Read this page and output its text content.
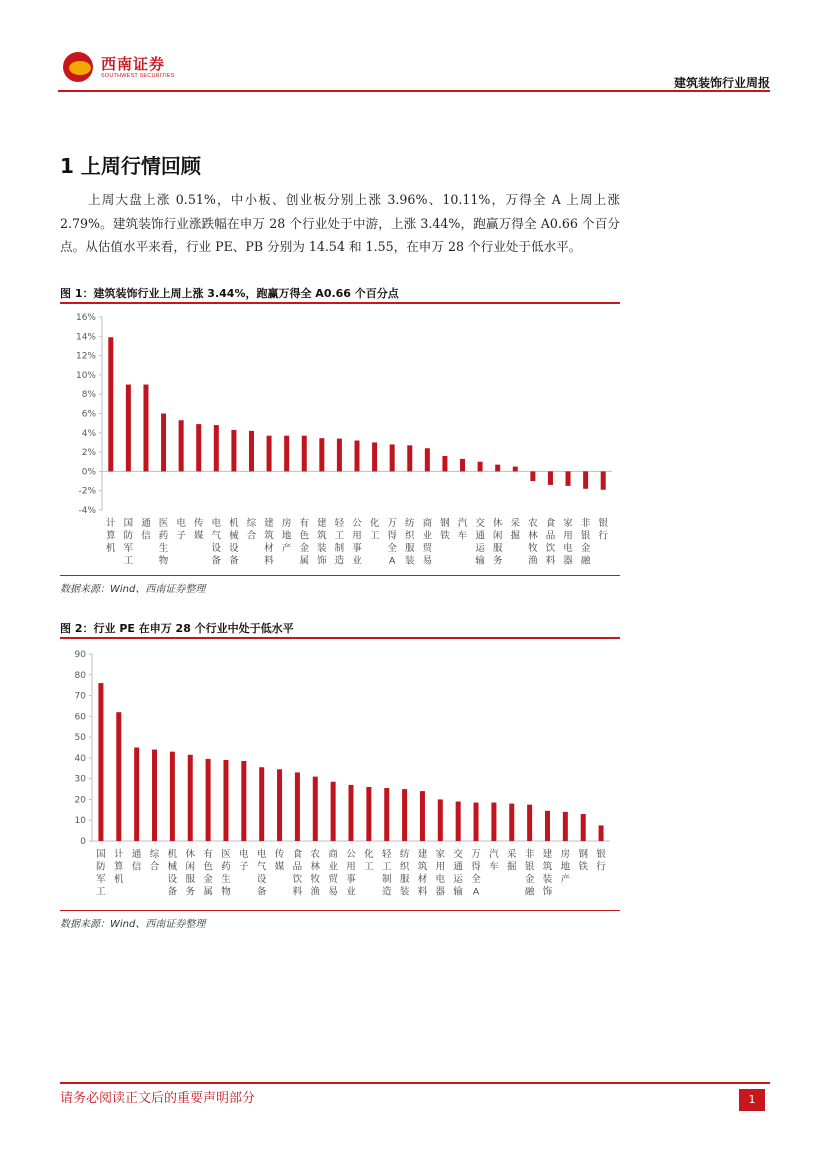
西南证券
SOUTHWEST SECURITIES	建筑装饰行业周报
1 上周行情回顾
上周大盘上涨 0.51%，中小板、创业板分别上涨 3.96%、10.11%，万得全 A 上周上涨 2.79%。建筑装饰行业涨跌幅在申万 28 个行业处于中游，上涨 3.44%，跑赢万得全 A0.66 个百分点。从估值水平来看，行业 PE、PB 分别为 14.54 和 1.55，在申万 28 个行业处于低水平。
图 1：建筑装饰行业上周上涨 3.44%，跑赢万得全 A0.66 个百分点
16%
14%
12%
10%
8%
6%
4%
2%
0%
-2%
-4%
计算机
国防军工
通信
医药生物
电子
传媒
电气设备
机械设备
综合
建筑材料
房地产
有色金属
建筑装饰
轻工制造
公用事业
化工
万得全 A
纺织服装
商业贸易
钢铁
汽车
交通运输
休闲服务
采掘
农林牧渔
食品饮料
家用电器
非银金融
银行
数据来源：Wind、西南证券整理
图 2：行业 PE 在申万 28 个行业中处于低水平
90
80
70
60
50
40
30
20
10
0
国防军工
计算机
通信
综合
机械设备
休闲服务
有色金属
医药生物
电子
电气设备
传媒
食品饮料
农林牧渔
商业贸易
公用事业
化工
轻工制造
纺织服装
建筑材料
家用电器
交通运输
万得全 A
汽车
采掘
非银金融
建筑装饰
房地产
钢铁
银行
数据来源：Wind、西南证券整理
请务必阅读正文后的重要声明部分	1
